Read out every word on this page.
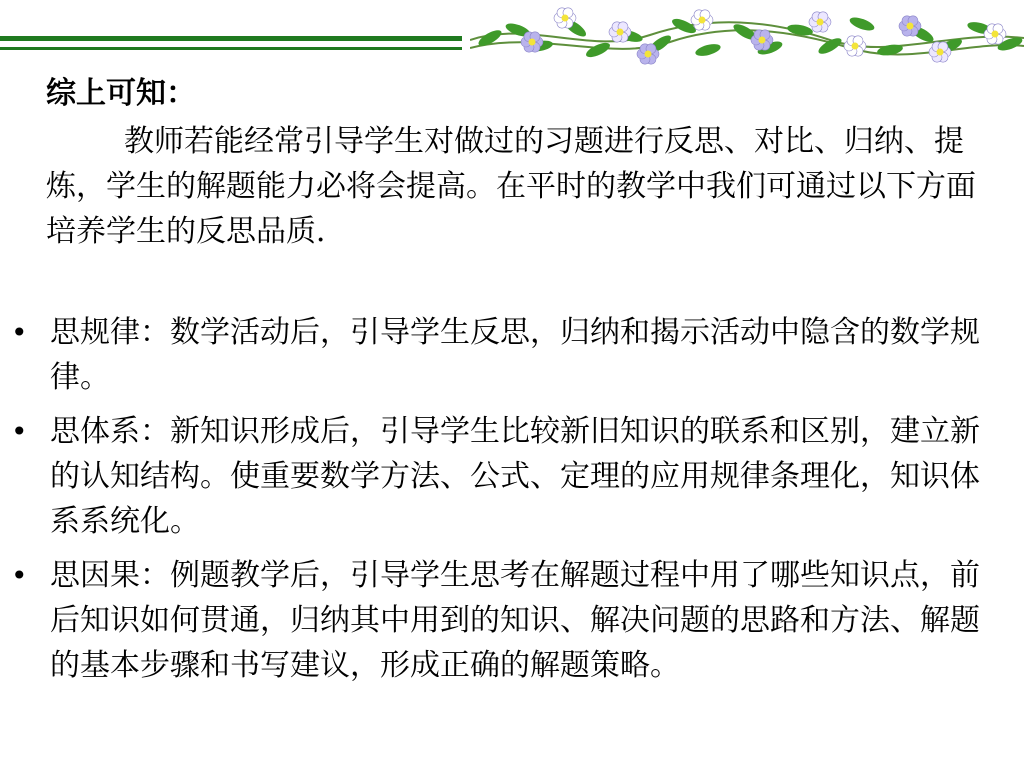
综上可知：

教师若能经常引导学生对做过的习题进行反思、对比、归纳、提炼，学生的解题能力必将会提高。在平时的教学中我们可通过以下方面培养学生的反思品质．

• 思规律：数学活动后，引导学生反思，归纳和揭示活动中隐含的数学规律。
• 思体系：新知识形成后，引导学生比较新旧知识的联系和区别，建立新的认知结构。使重要数学方法、公式、定理的应用规律条理化，知识体系系统化。
• 思因果：例题教学后，引导学生思考在解题过程中用了哪些知识点，前后知识如何贯通，归纳其中用到的知识、解决问题的思路和方法、解题的基本步骤和书写建议，形成正确的解题策略。
